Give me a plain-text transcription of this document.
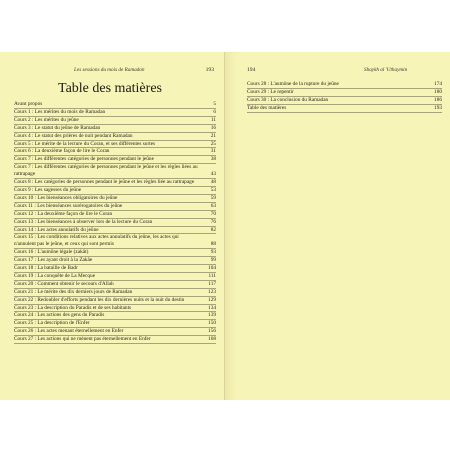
Les sessions du mois de Ramadan	193
Table des matières
Avant propos	5
Cours 1 : Les mérites du mois de Ramadan	6
Cours 2 : Les mérites du jeûne	11
Cours 3 : Le statut du jeûne de Ramadan	16
Cours 4 : Le statut des prières de nuit pendant Ramadan	21
Cours 5 : Le mérite de la lecture du Coran, et ses différentes sortes	25
Cours 6 : La deuxième façon de lire le Coran	31
Cours 7 : Les différentes catégories de personnes pendant le jeûne	38
Cours 7 : Les différentes catégories de personnes pendant le jeûne et les règles liées au rattrapage	43
Cours 8 : Les catégories de personnes pendant le jeûne et les règles liée au rattrapage	48
Cours 9 : Les sagesses du jeûne	53
Cours 10 : Les bienséances obligatoires du jeûne	59
Cours 11 : Les bienséances surérogatoires du jeûne	63
Cours 12 : La deuxième façon de lire le Coran	70
Cours 13 : Les bienséances à observer lors de la lecture du Coran	76
Cours 14 : Les actes annulatifs du jeûne	82
Cours 15 : Les conditions relatives aux actes annulatifs du jeûne, les actes qui n'annulent pas le jeûne, et ceux qui sont permis	88
Cours 16 : L'aumône légale (zakât)	93
Cours 17 : Les ayant droit à la Zakâe	99
Cours 18 : La bataille de Badr	104
Cours 19 : La conquête de La Mecque	111
Cours 20 : Comment obtenir le secours d'Allah	117
Cours 21 : Le mérite des dix derniers jours de Ramadan	123
Cours 22 : Redoubler d'efforts pendant les dix dernières nuits et la nuit du destin	129
Cours 23 : La description du Paradis et de ses habitants	134
Cours 24 : Les actions des gens du Paradis	139
Cours 25 : La description de l'Enfer	150
Cours 26 : Les actes menant éternellement en Enfer	156
Cours 27 : Les actions qui ne mènent pas éternellement en Enfer	168
194	Shaykh al 'Uthaymin
Cours 28 : L'aumône de la rupture du jeûne	174
Cours 29 : Le repentir	180
Cours 30 : La conclusion du Ramadan	186
Table des matières	193
